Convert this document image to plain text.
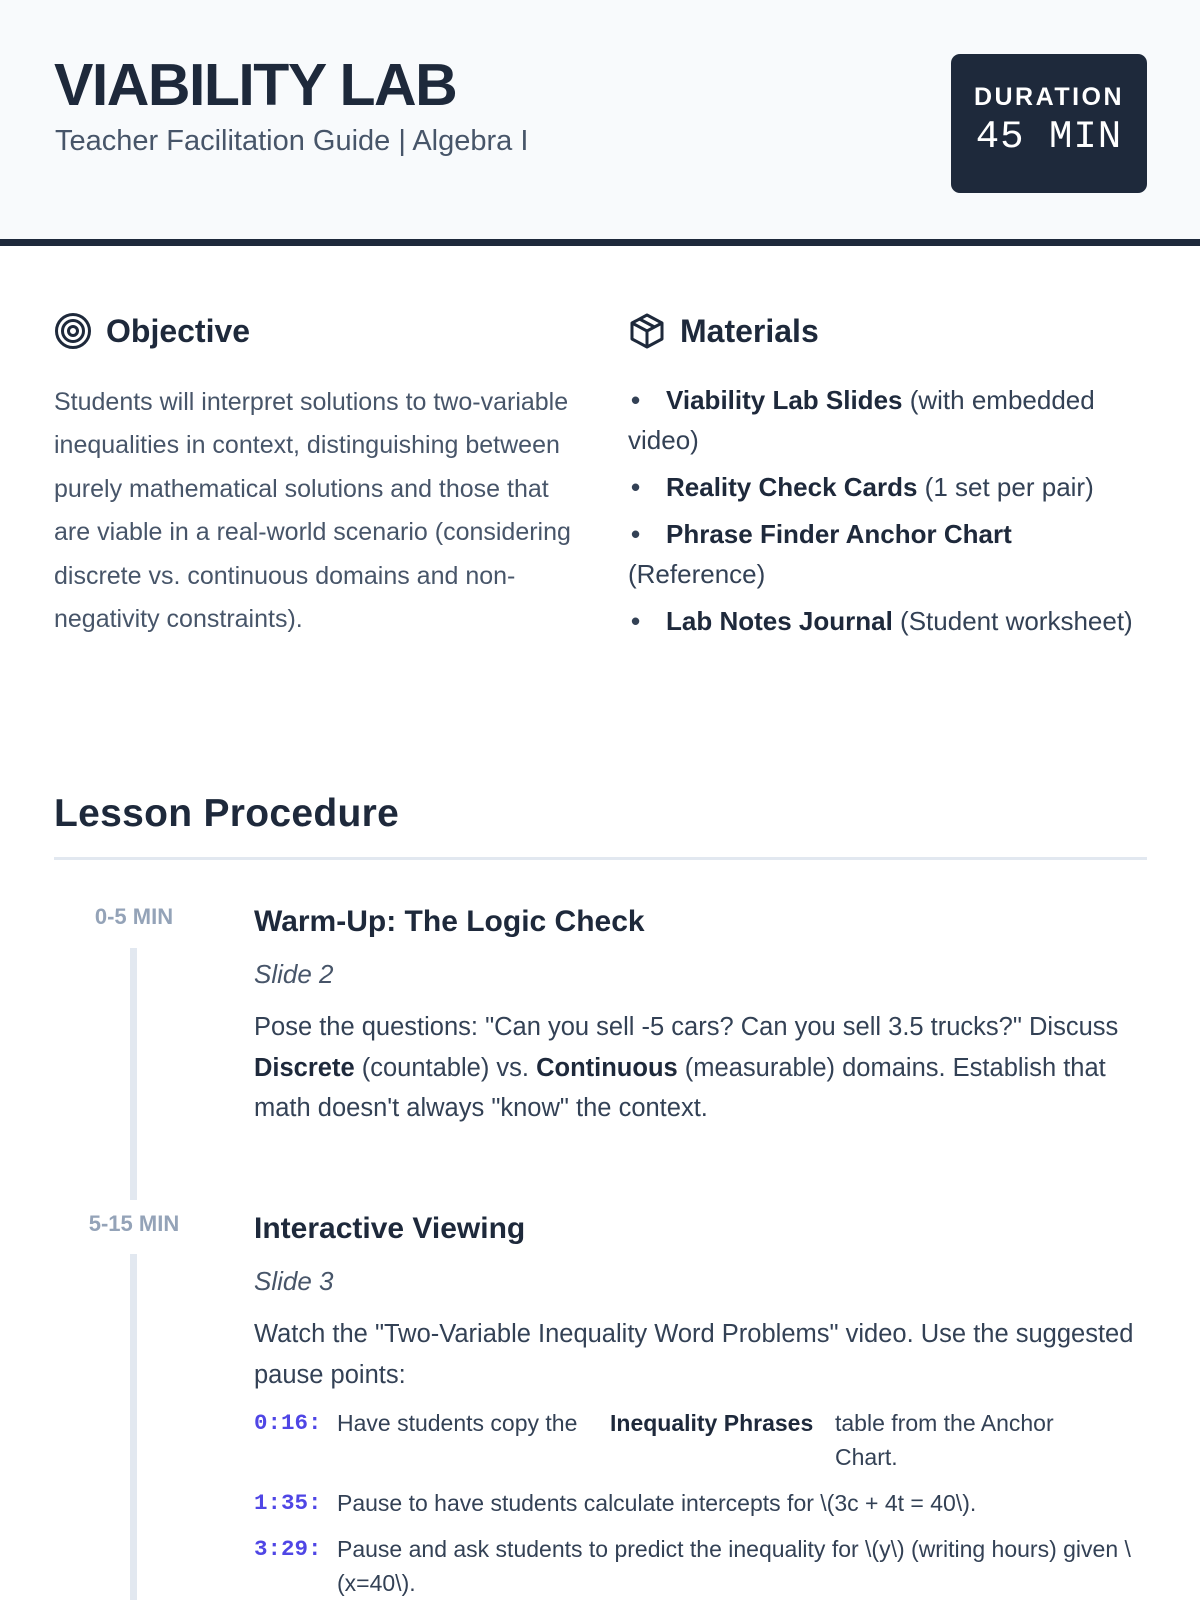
VIABILITY LAB
Teacher Facilitation Guide | Algebra I
DURATION
45 MIN
Objective
Students will interpret solutions to two-variable inequalities in context, distinguishing between purely mathematical solutions and those that are viable in a real-world scenario (considering discrete vs. continuous domains and non-negativity constraints).
Materials
• Viability Lab Slides (with embedded video)
• Reality Check Cards (1 set per pair)
• Phrase Finder Anchor Chart (Reference)
• Lab Notes Journal (Student worksheet)
Lesson Procedure
0-5 MIN	Warm-Up: The Logic Check
Slide 2
Pose the questions: "Can you sell -5 cars? Can you sell 3.5 trucks?" Discuss Discrete (countable) vs. Continuous (measurable) domains. Establish that math doesn't always "know" the context.
5-15 MIN	Interactive Viewing
Slide 3
Watch the "Two-Variable Inequality Word Problems" video. Use the suggested pause points:
0:16: Have students copy the	Inequality Phrases table from the Anchor Chart.
1:35: Pause to have students calculate intercepts for \(3c + 4t = 40\).
3:29: Pause and ask students to predict the inequality for \(y\) (writing hours) given \(x=40\).
